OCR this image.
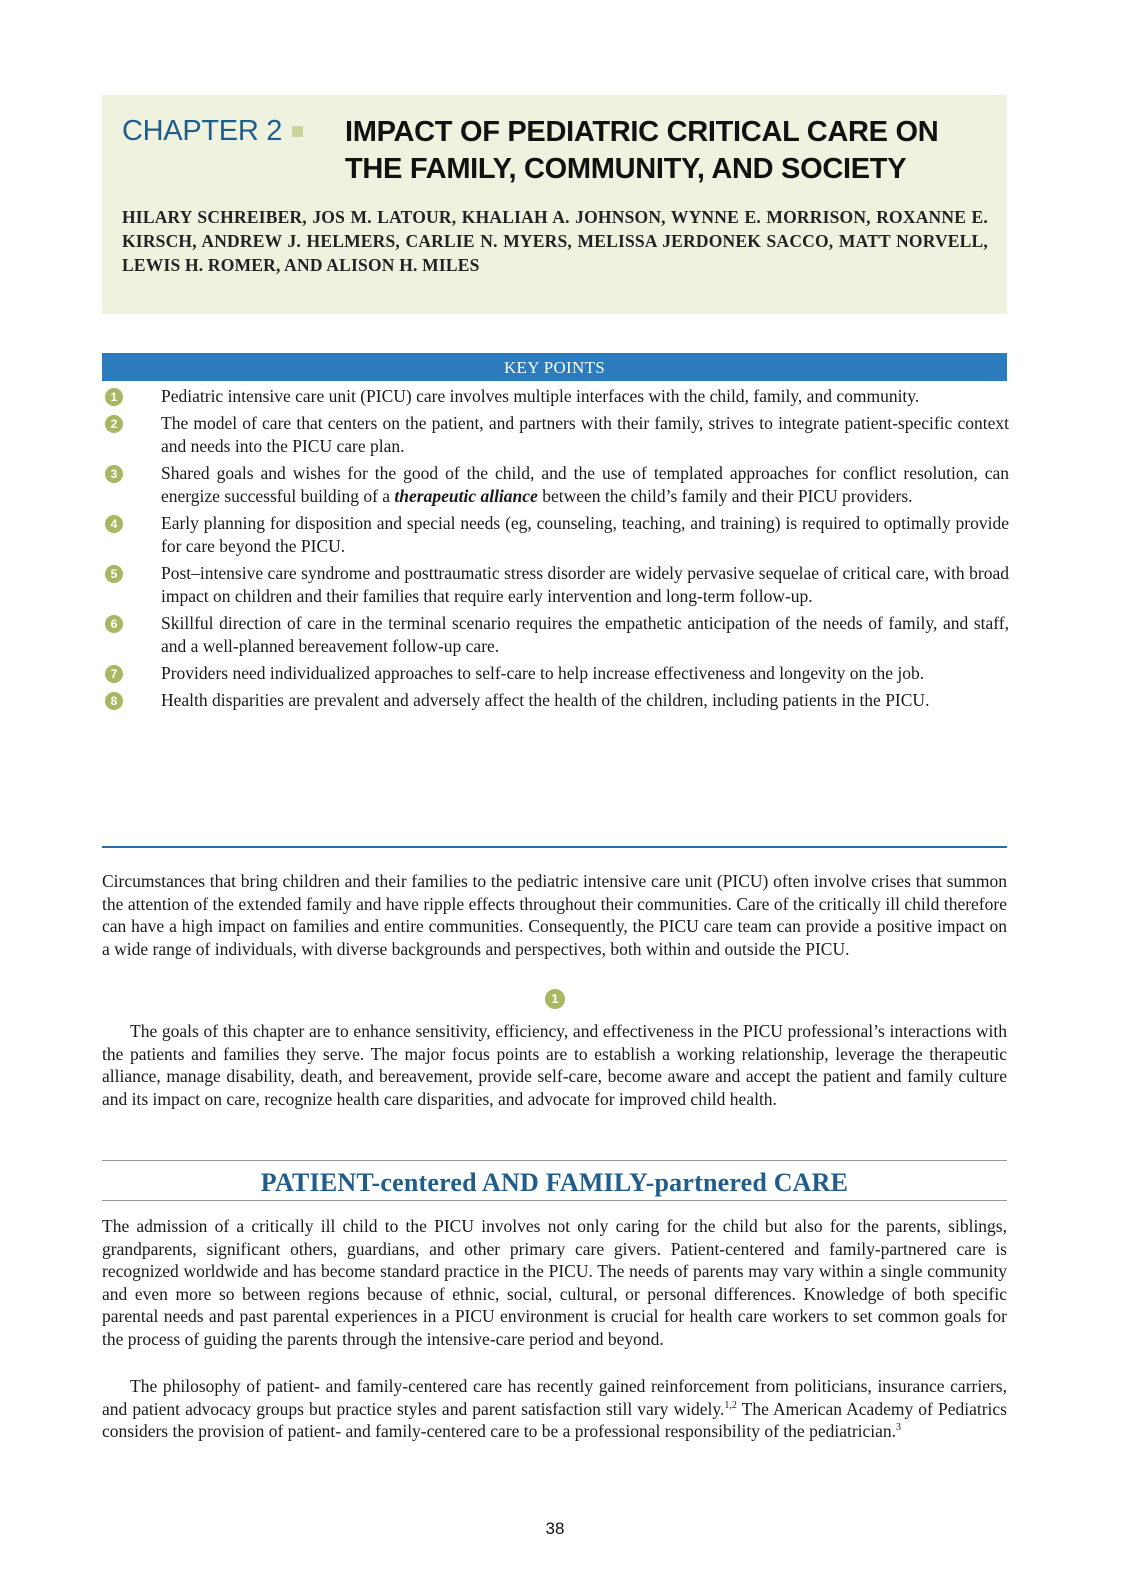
CHAPTER 2	IMPACT OF PEDIATRIC CRITICAL CARE ON THE FAMILY, COMMUNITY, AND SOCIETY
HILARY SCHREIBER, JOS M. LATOUR, KHALIAH A. JOHNSON, WYNNE E. MORRISON, ROXANNE E. KIRSCH, ANDREW J. HELMERS, CARLIE N. MYERS, MELISSA JERDONEK SACCO, MATT NORVELL, LEWIS H. ROMER, AND ALISON H. MILES
KEY POINTS
1	Pediatric intensive care unit (PICU) care involves multiple interfaces with the child, family, and community.
2	The model of care that centers on the patient, and partners with their family, strives to integrate patient-specific context and needs into the PICU care plan.
3	Shared goals and wishes for the good of the child, and the use of templated approaches for conflict resolution, can energize successful building of a therapeutic alliance between the child’s family and their PICU providers.
4	Early planning for disposition and special needs (eg, counseling, teaching, and training) is required to optimally provide for care beyond the PICU.
5	Post–intensive care syndrome and posttraumatic stress disorder are widely pervasive sequelae of critical care, with broad impact on children and their families that require early intervention and long-term follow-up.
6	Skillful direction of care in the terminal scenario requires the empathetic anticipation of the needs of family, and staff, and a well-planned bereavement follow-up care.
7	Providers need individualized approaches to self-care to help increase effectiveness and longevity on the job.
8	Health disparities are prevalent and adversely affect the health of the children, including patients in the PICU.
Circumstances that bring children and their families to the pediatric intensive care unit (PICU) often involve crises that summon the attention of the extended family and have ripple effects throughout their communities. Care of the critically ill child therefore can have a high impact on families and entire communities. Consequently, the PICU care team can provide a positive impact on a wide range of individuals, with diverse backgrounds and perspectives, both within and outside the PICU.
1
The goals of this chapter are to enhance sensitivity, efficiency, and effectiveness in the PICU professional’s interactions with the patients and families they serve. The major focus points are to establish a working relationship, leverage the therapeutic alliance, manage disability, death, and bereavement, provide self-care, become aware and accept the patient and family culture and its impact on care, recognize health care disparities, and advocate for improved child health.
PATIENT-centered AND FAMILY-partnered CARE
The admission of a critically ill child to the PICU involves not only caring for the child but also for the parents, siblings, grandparents, significant others, guardians, and other primary care givers. Patient-centered and family-partnered care is recognized worldwide and has become standard practice in the PICU. The needs of parents may vary within a single community and even more so between regions because of ethnic, social, cultural, or personal differences. Knowledge of both specific parental needs and past parental experiences in a PICU environment is crucial for health care workers to set common goals for the process of guiding the parents through the intensive-care period and beyond.
The philosophy of patient- and family-centered care has recently gained reinforcement from politicians, insurance carriers, and patient advocacy groups but practice styles and parent satisfaction still vary widely.$^{1,2}$ The American Academy of Pediatrics considers the provision of patient- and family-centered care to be a professional responsibility of the pediatrician.$^3$
38
